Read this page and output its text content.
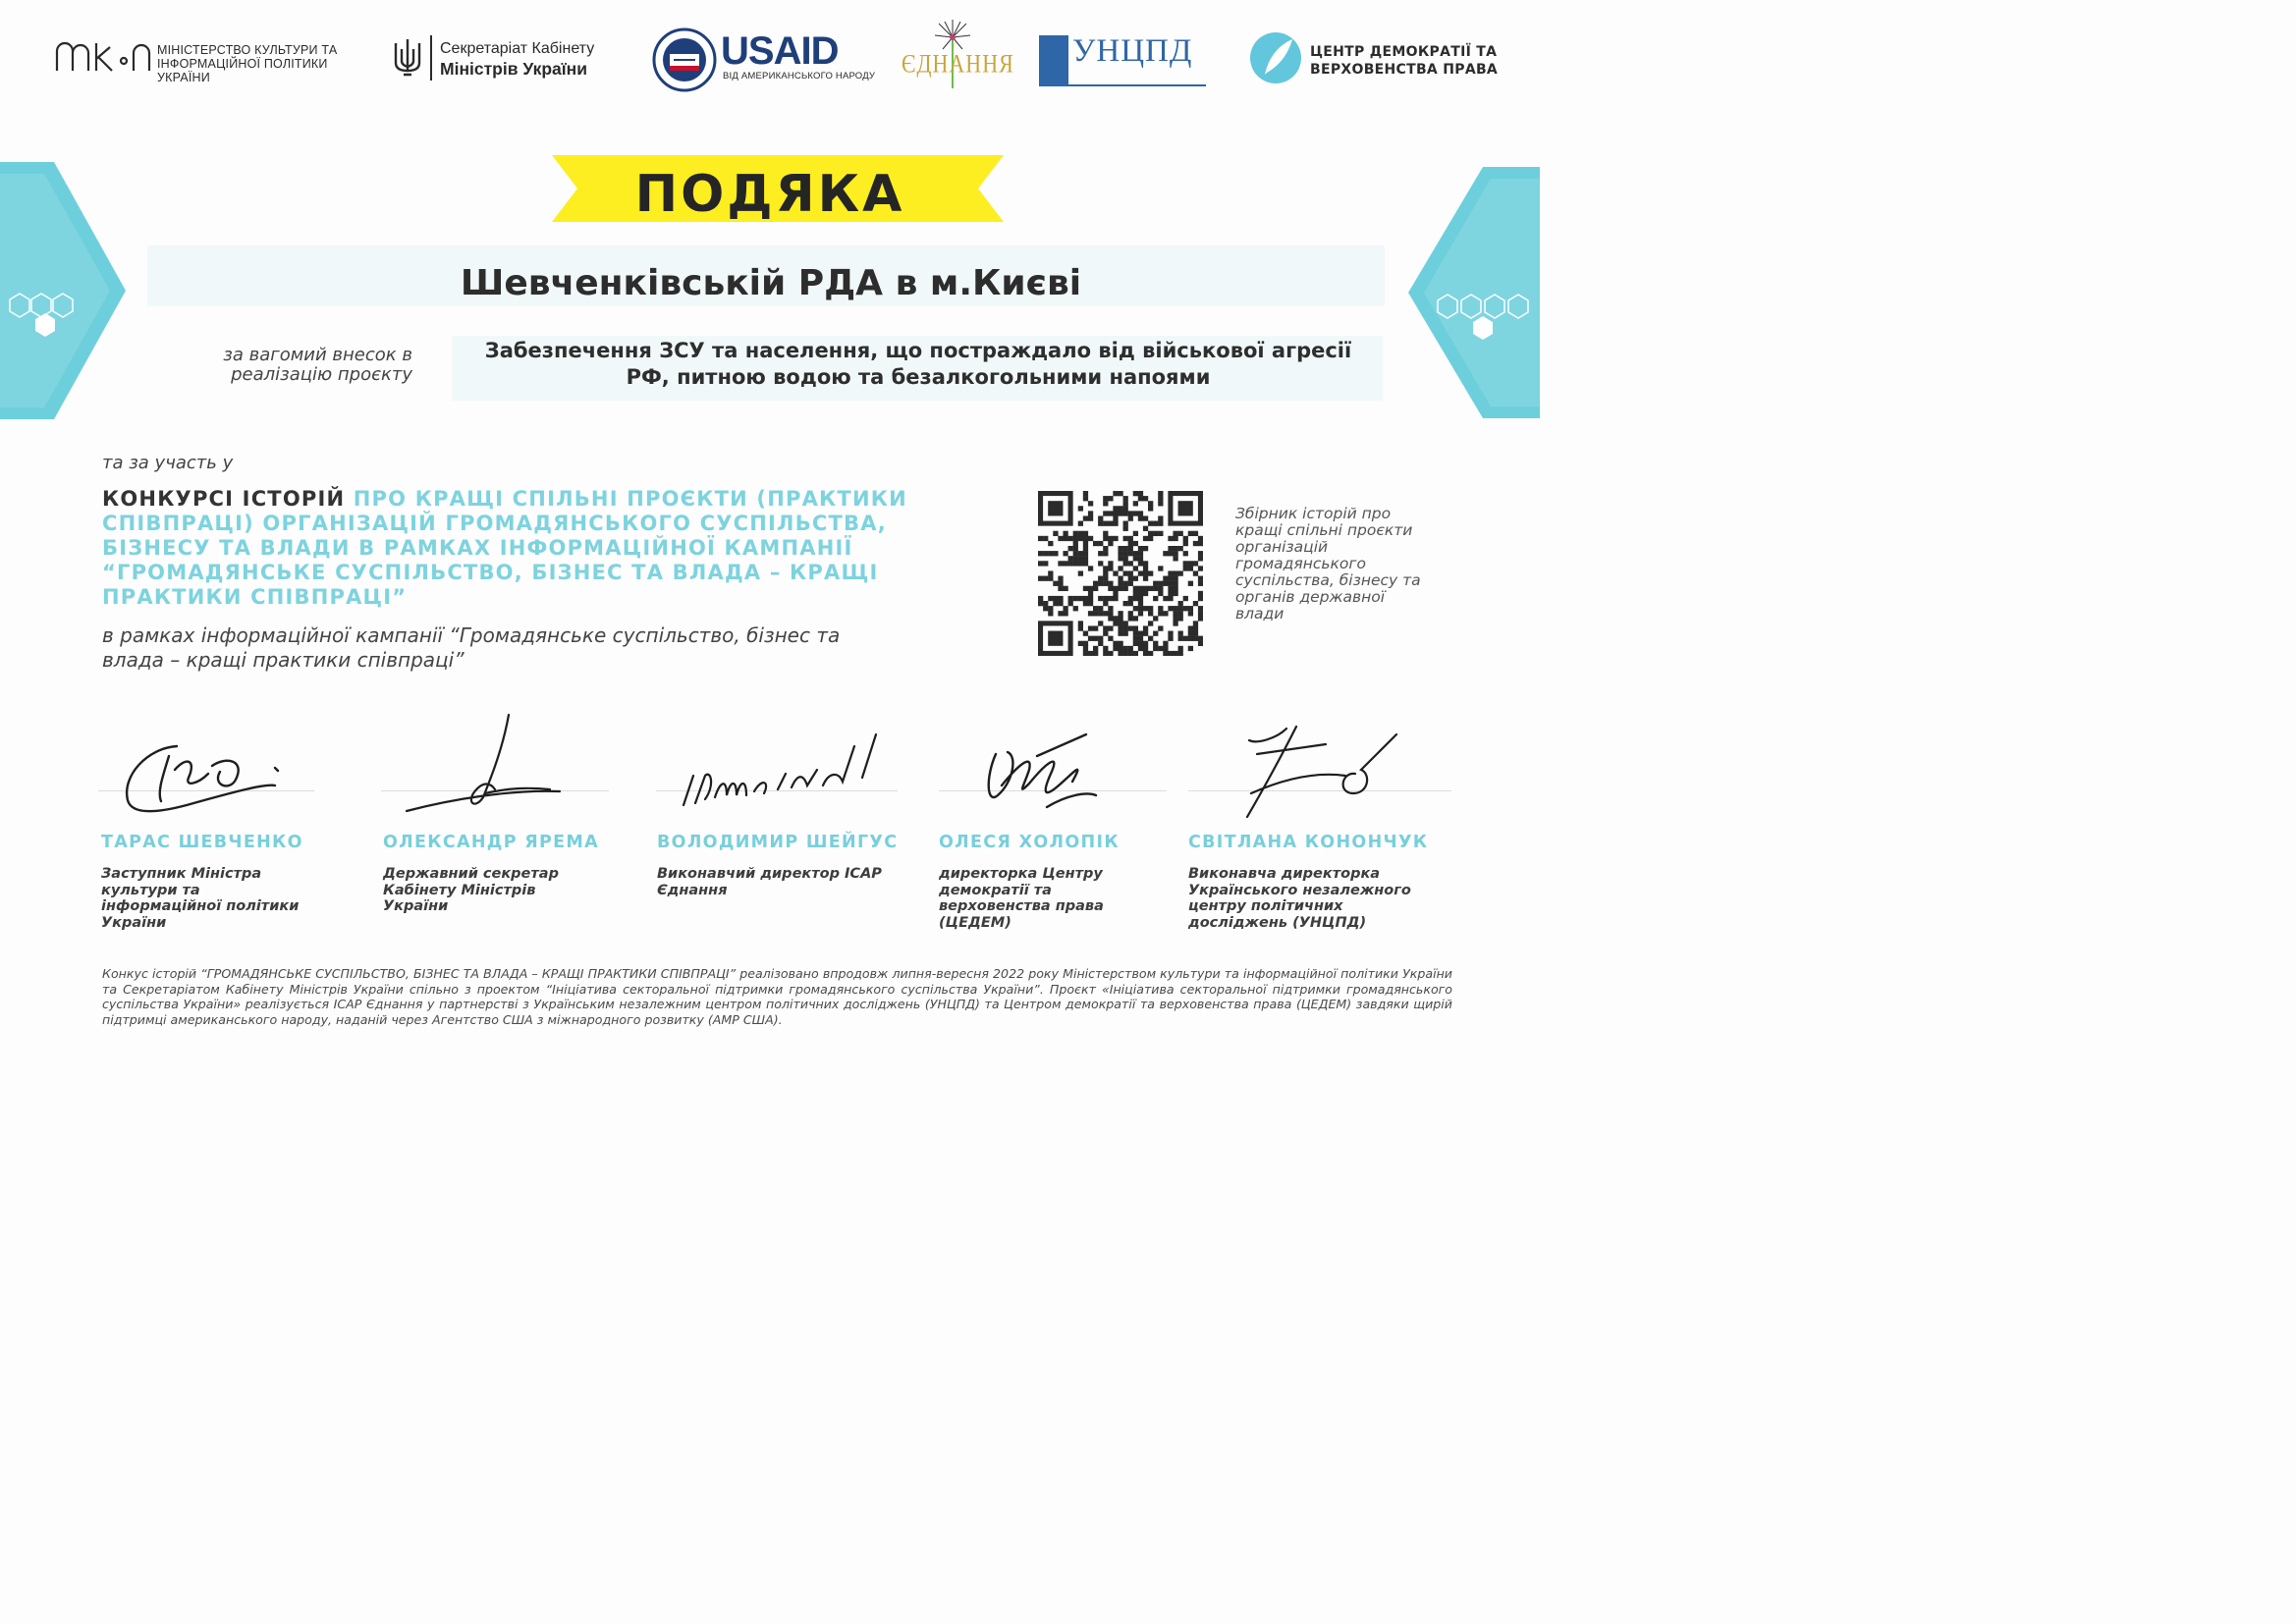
МІНІСТЕРСТВО КУЛЬТУРИ ТА ІНФОРМАЦІЙНОЇ ПОЛІТИКИ УКРАЇНИ
Секретаріат Кабінету
Міністрів України	USAID
ВІД АМЕРИКАНСЬКОГО НАРОДУ ЄДНАННЯ УНЦПД	ЦЕНТР ДЕМОКРАТІЇ ТА
ВЕРХОВЕНСТВА ПРАВА
ПОДЯКА
Шевченківській РДА в м.Києві
за вагомий внесок в реалізацію проєкту
Забезпечення ЗСУ та населення, що постраждало від військової агресії РФ, питною водою та безалкогольними напоями
та за участь у
КОНКУРСІ ІСТОРІЙ ПРО КРАЩІ СПІЛЬНІ ПРОЄКТИ (ПРАКТИКИ СПІВПРАЦІ) ОРГАНІЗАЦІЙ ГРОМАДЯНСЬКОГО СУСПІЛЬСТВА, БІЗНЕСУ ТА ВЛАДИ В РАМКАХ ІНФОРМАЦІЙНОЇ КАМПАНІЇ “ГРОМАДЯНСЬКЕ СУСПІЛЬСТВО, БІЗНЕС ТА ВЛАДА – КРАЩІ ПРАКТИКИ СПІВПРАЦІ”
в рамках інформаційної кампанії “Громадянське суспільство, бізнес та влада – кращі практики співпраці”
Збірник історій про кращі спільні проєкти організацій громадянського суспільства, бізнесу та органів державної влади
ТАРАС ШЕВЧЕНКО	ОЛЕКСАНДР ЯРЕМА	ВОЛОДИМИР ШЕЙГУС ОЛЕСЯ ХОЛОПІК	СВІТЛАНА КОНОНЧУК
Заступник Міністра культури та інформаційної політики України
Державний секретар Кабінету Міністрів України
Виконавчий директор ІСАР Єднання
директорка Центру демократії та верховенства права (ЦЕДЕМ)
Виконавча директорка Українського незалежного центру політичних досліджень (УНЦПД)
Конкус історій “ГРОМАДЯНСЬКЕ СУСПІЛЬСТВО, БІЗНЕС ТА ВЛАДА – КРАЩІ ПРАКТИКИ СПІВПРАЦІ” реалізовано впродовж липня-вересня 2022 року Міністерством культури та інформаційної політики України та Секретаріатом Кабінету Міністрів України спільно з проектом “Ініціатива секторальної підтримки громадянського суспільства України”. Проєкт «Ініціатива секторальної підтримки громадянського суспільства України» реалізується ІСАР Єднання у партнерстві з Українським незалежним центром політичних досліджень (УНЦПД) та Центром демократії та верховенства права (ЦЕДЕМ) завдяки щирій підтримці американського народу, наданій через Агентство США з міжнародного розвитку (АМР США).
